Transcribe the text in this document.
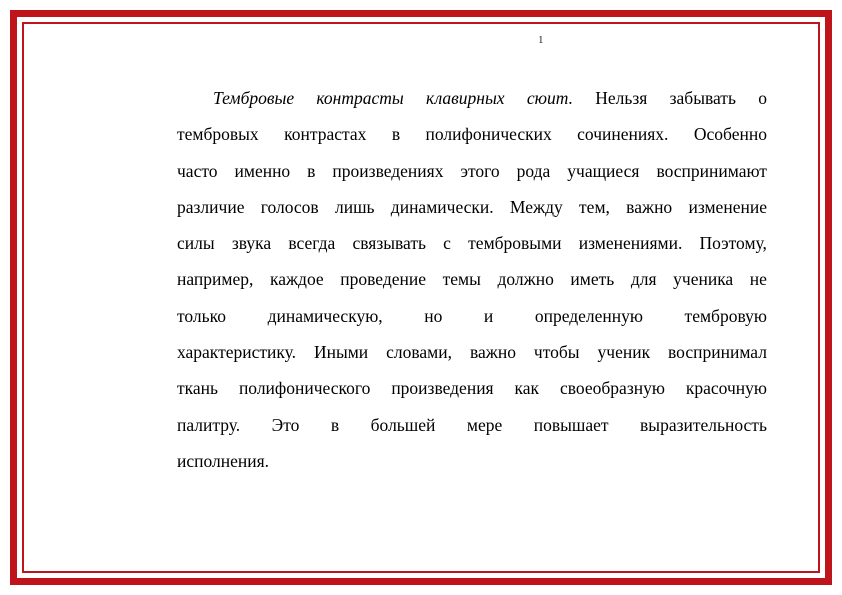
1
Тембровые контрасты клавирных сюит. Нельзя забывать о
тембровых контрастах в полифонических сочинениях. Особенно
часто именно в произведениях этого рода учащиеся воспринимают
различие голосов лишь динамически. Между тем, важно изменение
силы звука всегда связывать с тембровыми изменениями. Поэтому,
например, каждое проведение темы должно иметь для ученика не
только динамическую, но и определенную тембровую
характеристику. Иными словами, важно чтобы ученик воспринимал
ткань полифонического произведения как своеобразную красочную
палитру. Это в большей мере повышает выразительность
исполнения.
